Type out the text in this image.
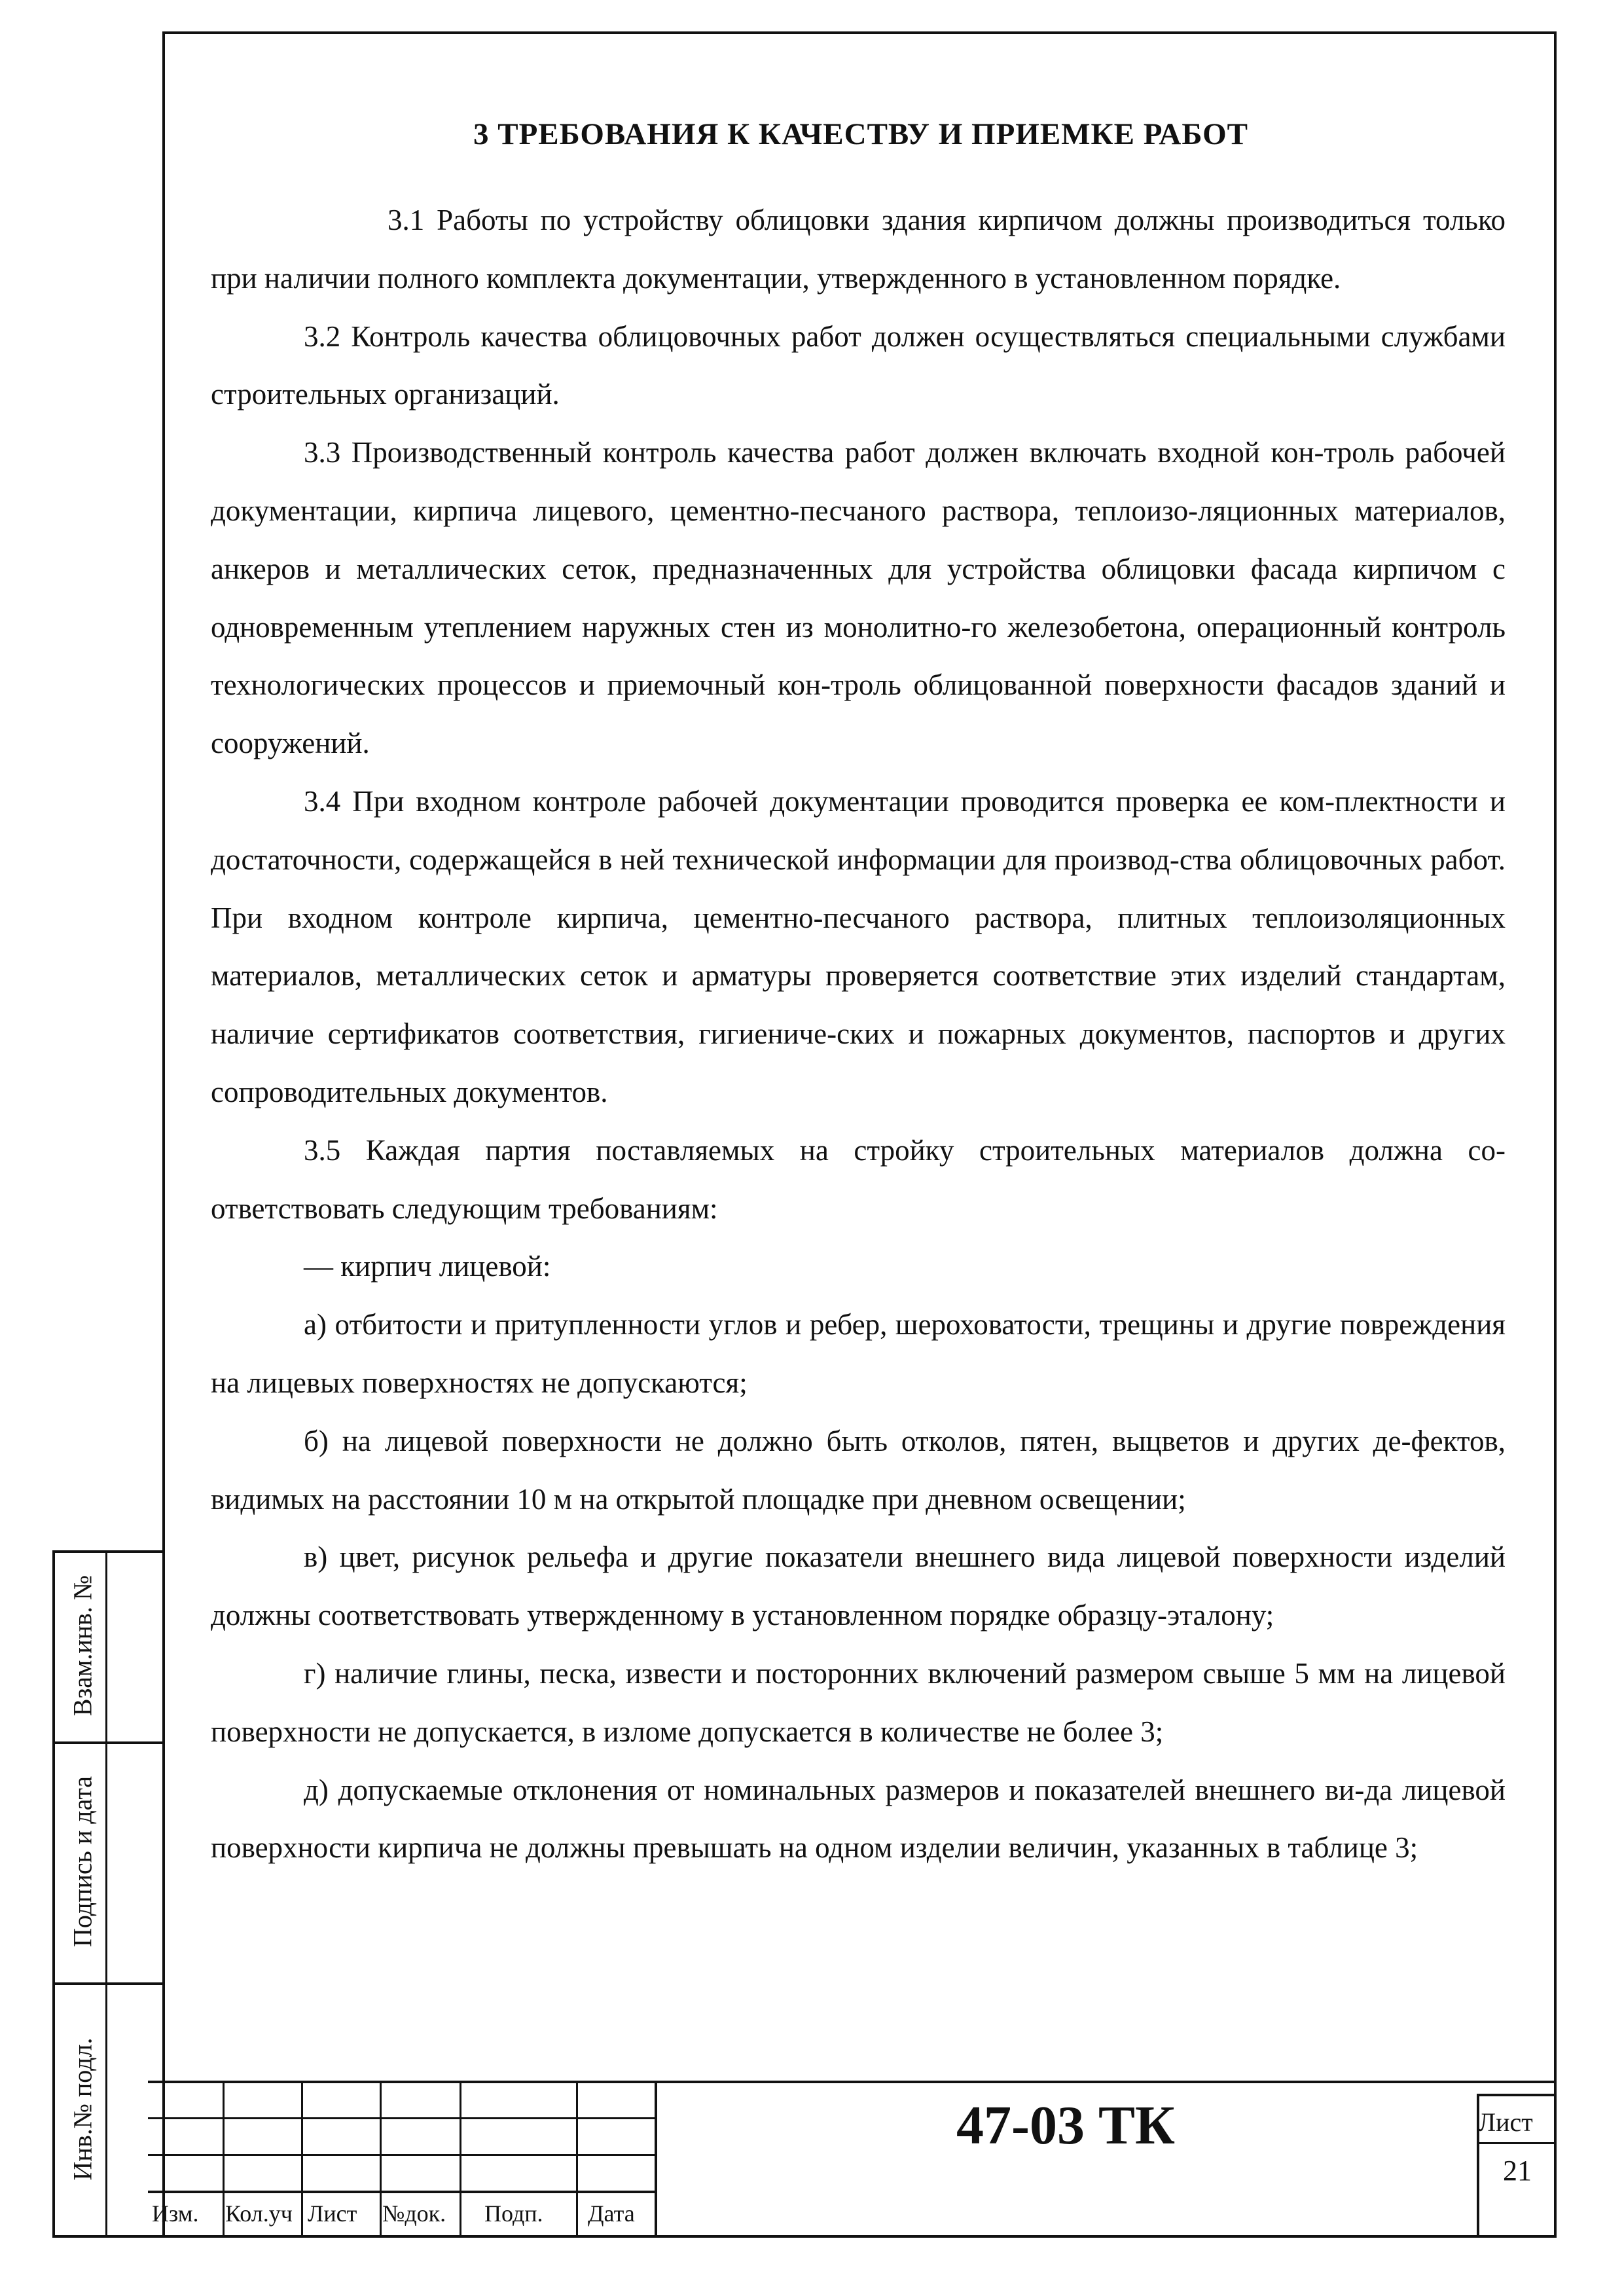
3 ТРЕБОВАНИЯ К КАЧЕСТВУ И ПРИЕМКЕ РАБОТ

3.1 Работы по устройству облицовки здания кирпичом должны производиться только при наличии полного комплекта документации, утвержденного в установленном порядке.

3.2 Контроль качества облицовочных работ должен осуществляться специальными службами строительных организаций.

3.3 Производственный контроль качества работ должен включать входной кон-троль рабочей документации, кирпича лицевого, цементно-песчаного раствора, теплоизо-ляционных материалов, анкеров и металлических сеток, предназначенных для устройства облицовки фасада кирпичом с одновременным утеплением наружных стен из монолитно-го железобетона, операционный контроль технологических процессов и приемочный кон-троль облицованной поверхности фасадов зданий и сооружений.

3.4 При входном контроле рабочей документации проводится проверка ее ком-плектности и достаточности, содержащейся в ней технической информации для производ-ства облицовочных работ. При входном контроле кирпича, цементно-песчаного раствора, плитных теплоизоляционных материалов, металлических сеток и арматуры проверяется соответствие этих изделий стандартам, наличие сертификатов соответствия, гигиениче-ских и пожарных документов, паспортов и других сопроводительных документов.

3.5 Каждая партия поставляемых на стройку строительных материалов должна со-ответствовать следующим требованиям:

— кирпич лицевой:

а) отбитости и притупленности углов и ребер, шероховатости, трещины и другие повреждения на лицевых поверхностях не допускаются;

б) на лицевой поверхности не должно быть отколов, пятен, выцветов и других де-фектов, видимых на расстоянии 10 м на открытой площадке при дневном освещении;

в) цвет, рисунок рельефа и другие показатели внешнего вида лицевой поверхности изделий должны соответствовать утвержденному в установленном порядке образцу-эталону;

г) наличие глины, песка, извести и посторонних включений размером свыше 5 мм на лицевой поверхности не допускается, в изломе допускается в количестве не более 3;

д) допускаемые отклонения от номинальных размеров и показателей внешнего ви-да лицевой поверхности кирпича не должны превышать на одном изделии величин, указанных в таблице 3;

Взам.инв. №
Подпись и дата
Инв.№ подл.
Изм. Кол.уч Лист №док. Подп. Дата
47-03 ТК	Лист
21
